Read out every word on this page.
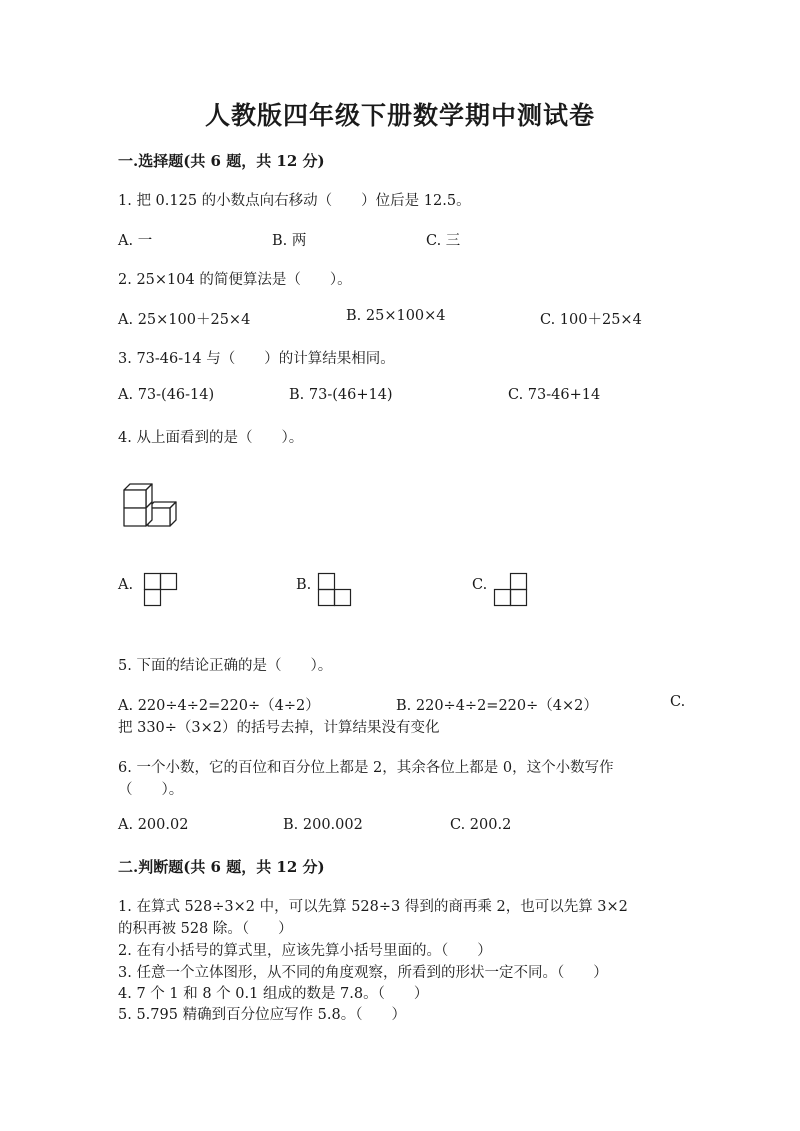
人教版四年级下册数学期中测试卷
一.选择题(共 6 题，共 12 分)
1. 把 0.125 的小数点向右移动（　　）位后是 12.5。
A. 一	B. 两	C. 三
2. 25×104 的简便算法是（　　）。
A. 25×100＋25×4	B. 25×100×4	C. 100＋25×4
3. 73-46-14 与（　　）的计算结果相同。
A. 73-(46-14)	B. 73-(46+14)	C. 73-46+14
4. 从上面看到的是（　　）。
A.	B.	C.
5. 下面的结论正确的是（　　）。
A. 220÷4÷2=220÷（4÷2）	B. 220÷4÷2=220÷（4×2）	C.
把 330÷（3×2）的括号去掉，计算结果没有变化
6. 一个小数，它的百位和百分位上都是 2，其余各位上都是 0，这个小数写作
（　　）。
A. 200.02	B. 200.002	C. 200.2
二.判断题(共 6 题，共 12 分)
1. 在算式 528÷3×2 中，可以先算 528÷3 得到的商再乘 2，也可以先算 3×2
的积再被 528 除。（　　）
2. 在有小括号的算式里，应该先算小括号里面的。（　　）
3. 任意一个立体图形，从不同的角度观察，所看到的形状一定不同。（　　）
4. 7 个 1 和 8 个 0.1 组成的数是 7.8。（　　）
5. 5.795 精确到百分位应写作 5.8。（　　）
